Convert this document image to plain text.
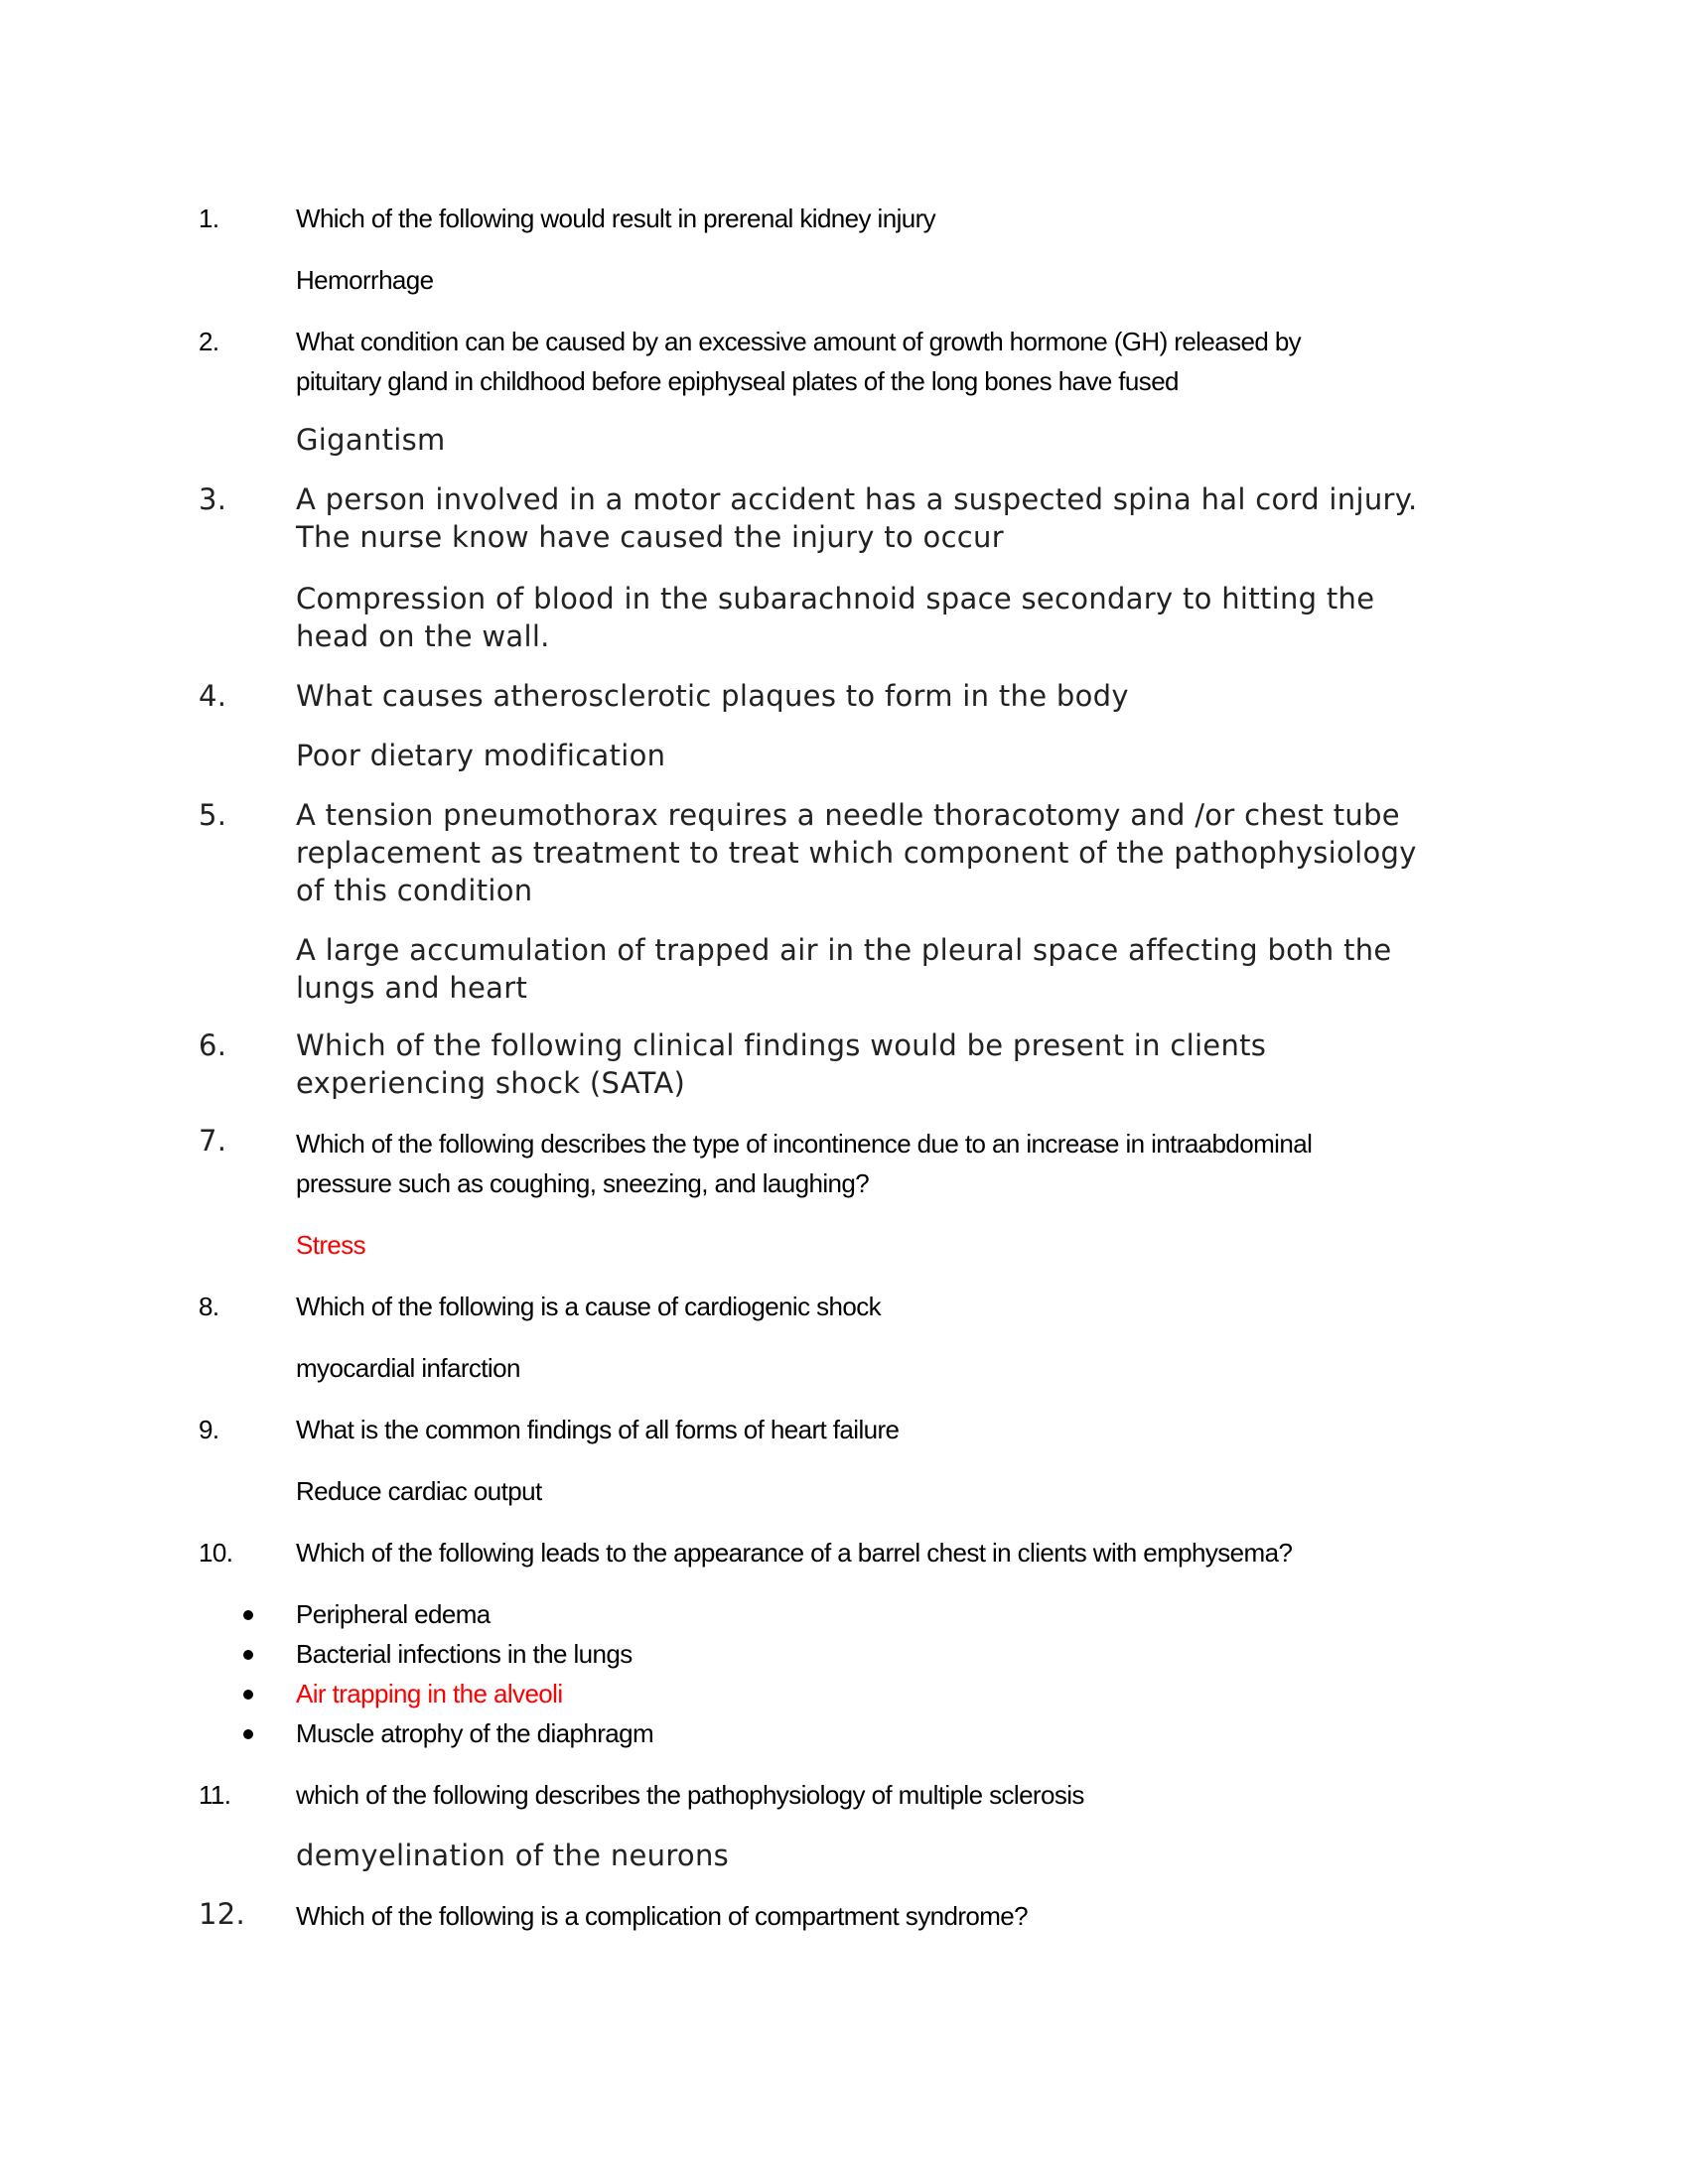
1.	Which of the following would result in prerenal kidney injury
Hemorrhage
2.	What condition can be caused by an excessive amount of growth hormone (GH) released by
pituitary gland in childhood before epiphyseal plates of the long bones have fused
Gigantism
3. A person involved in a motor accident has a suspected spina hal cord injury.
The nurse know have caused the injury to occur
Compression of blood in the subarachnoid space secondary to hitting the
head on the wall.
4. What causes atherosclerotic plaques to form in the body
Poor dietary modification
5. A tension pneumothorax requires a needle thoracotomy and /or chest tube
replacement as treatment to treat which component of the pathophysiology
of this condition
A large accumulation of trapped air in the pleural space affecting both the
lungs and heart
6. Which of the following clinical findings would be present in clients
experiencing shock (SATA)
7.	Which of the following describes the type of incontinence due to an increase in intraabdominal
pressure such as coughing, sneezing, and laughing?
Stress
8.	Which of the following is a cause of cardiogenic shock
myocardial infarction
9.	What is the common findings of all forms of heart failure
Reduce cardiac output
10. Which of the following leads to the appearance of a barrel chest in clients with emphysema?
Peripheral edema
Bacterial infections in the lungs
Air trapping in the alveoli
Muscle atrophy of the diaphragm
11.	which of the following describes the pathophysiology of multiple sclerosis
demyelination of the neurons
12. Which of the following is a complication of compartment syndrome?
